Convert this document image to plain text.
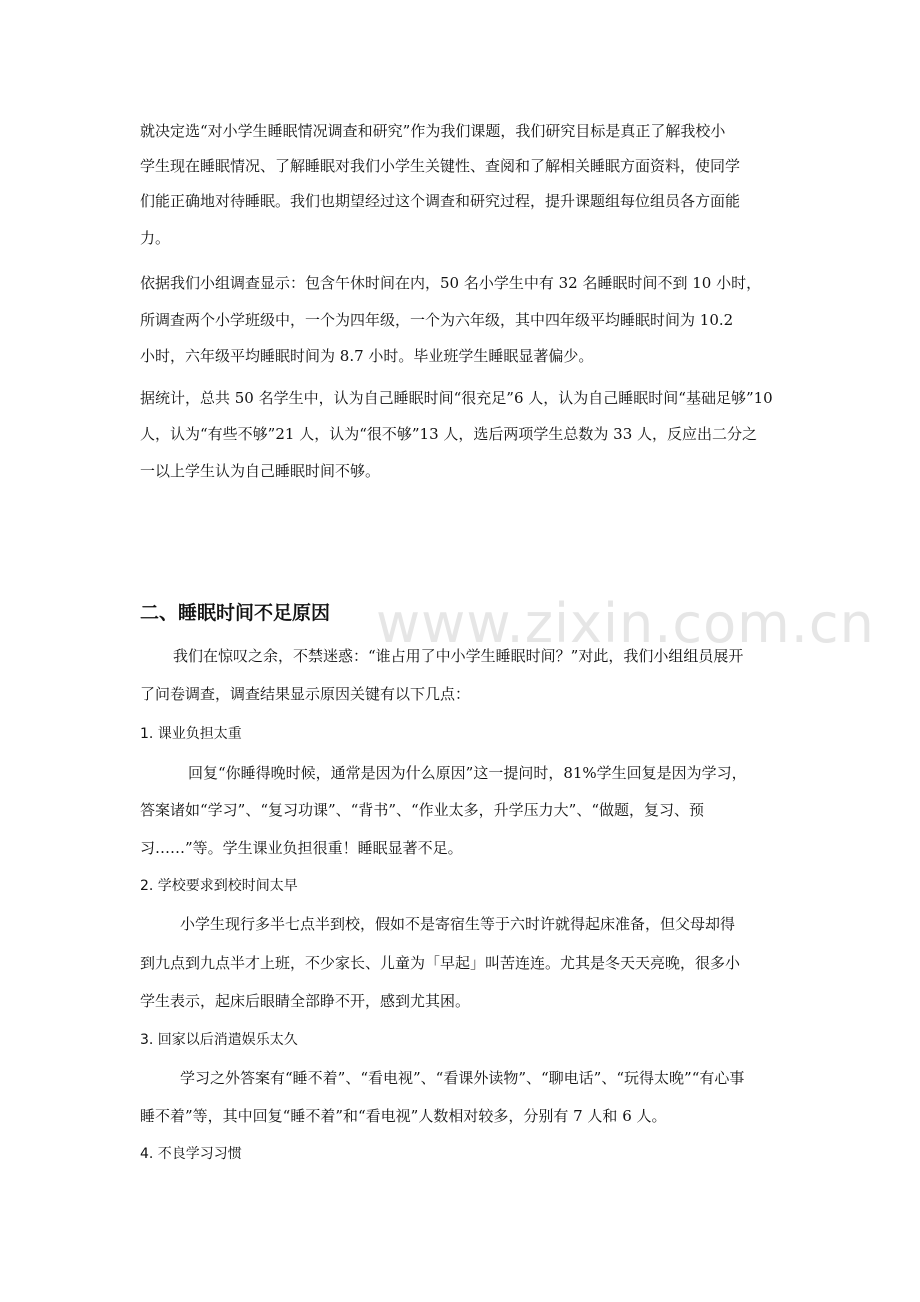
www.zixin.com.cn
就决定选“对小学生睡眠情况调查和研究”作为我们课题，我们研究目标是真正了解我校小
学生现在睡眠情况、了解睡眠对我们小学生关键性、查阅和了解相关睡眠方面资料，使同学
们能正确地对待睡眠。我们也期望经过这个调查和研究过程，提升课题组每位组员各方面能
力。
依据我们小组调查显示：包含午休时间在内，50 名小学生中有 32 名睡眠时间不到 10 小时，
所调查两个小学班级中，一个为四年级，一个为六年级，其中四年级平均睡眠时间为 10.2
小时，六年级平均睡眠时间为 8.7 小时。毕业班学生睡眠显著偏少。
据统计，总共 50 名学生中，认为自己睡眠时间“很充足”6 人，认为自己睡眠时间“基础足够”10
人，认为“有些不够”21 人，认为“很不够”13 人，选后两项学生总数为 33 人，反应出二分之
一以上学生认为自己睡眠时间不够。
二、睡眠时间不足原因
我们在惊叹之余，不禁迷惑：“谁占用了中小学生睡眠时间？”对此，我们小组组员展开
了问卷调查，调查结果显示原因关键有以下几点：
1. 课业负担太重
回复“你睡得晚时候，通常是因为什么原因”这一提问时，81%学生回复是因为学习，
答案诸如“学习”、“复习功课”、“背书”、“作业太多，升学压力大”、“做题，复习、预
习……”等。学生课业负担很重！睡眠显著不足。
2. 学校要求到校时间太早
小学生现行多半七点半到校，假如不是寄宿生等于六时许就得起床准备，但父母却得
到九点到九点半才上班，不少家长、儿童为「早起」叫苦连连。尤其是冬天天亮晚，很多小
学生表示，起床后眼睛全部睁不开，感到尤其困。
3. 回家以后消遣娱乐太久
学习之外答案有“睡不着”、“看电视”、“看课外读物”、“聊电话”、“玩得太晚”“有心事
睡不着”等，其中回复“睡不着”和“看电视”人数相对较多，分别有 7 人和 6 人。
4. 不良学习习惯
